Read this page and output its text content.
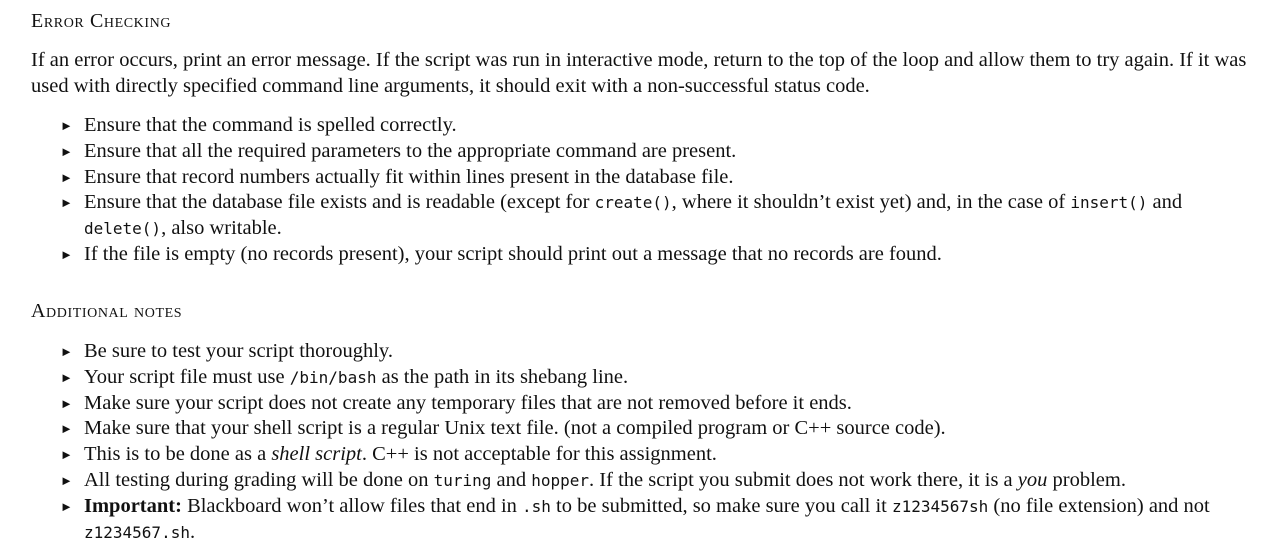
Error Checking

If an error occurs, print an error message. If the script was run in interactive mode, return to the top of the loop and allow them to try again. If it was used with directly specified command line arguments, it should exit with a non-successful status code.

► Ensure that the command is spelled correctly.
► Ensure that all the required parameters to the appropriate command are present.
► Ensure that record numbers actually fit within lines present in the database file.
► Ensure that the database file exists and is readable (except for create(), where it shouldn’t exist yet) and, in the case of insert() and delete(), also writable.
► If the file is empty (no records present), your script should print out a message that no records are found.
Additional notes
► Be sure to test your script thoroughly.
► Your script file must use /bin/bash as the path in its shebang line.
► Make sure your script does not create any temporary files that are not removed before it ends.
► Make sure that your shell script is a regular Unix text file. (not a compiled program or C++ source code).
► This is to be done as a shell script. C++ is not acceptable for this assignment.
► All testing during grading will be done on turing and hopper. If the script you submit does not work there, it is a you problem.
► Important: Blackboard won’t allow files that end in .sh to be submitted, so make sure you call it z1234567sh (no file extension) and not z1234567.sh.
